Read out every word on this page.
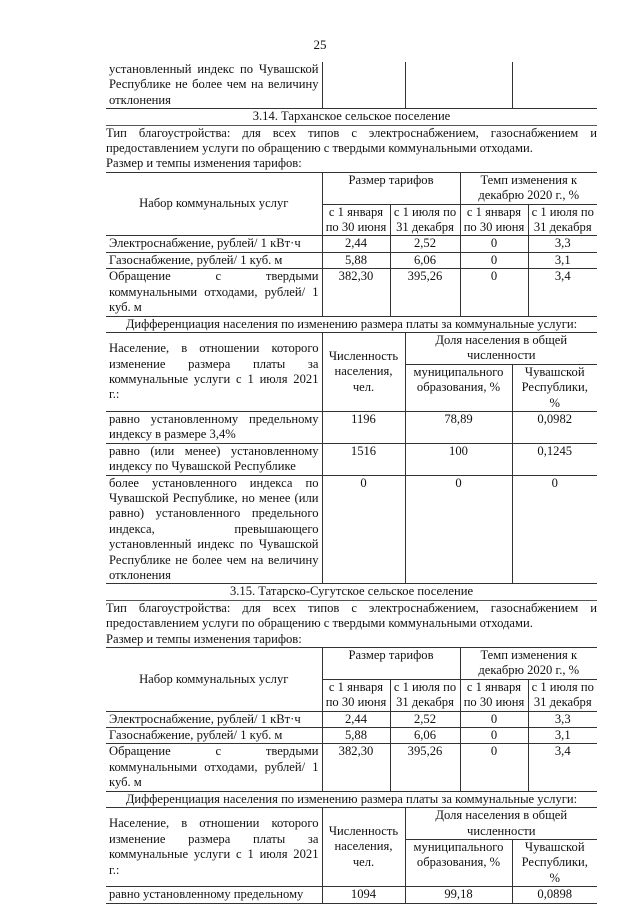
25
установленный индекс по Чувашской Республике не более чем на величину отклонения			
3.14. Тарханское сельское поселение
Тип благоустройства: для всех типов с электроснабжением, газоснабжением и предоставлением услуги по обращению с твердыми коммунальными отходами.
Размер и темпы изменения тарифов:
Набор коммунальных услуг	Размер тарифов		Темп изменения к декабрю 2020 г., %	
	с 1 января по 30 июня	с 1 июля по 31 декабря	с 1 января по 30 июня	с 1 июля по 31 декабря
Электроснабжение, рублей/ 1 кВт·ч	2,44	2,52	0	3,3
Газоснабжение, рублей/ 1 куб. м	5,88	6,06	0	3,1
Обращение с твердыми коммунальными отходами, рублей/ 1 куб. м	382,30	395,26	0	3,4
Дифференциация населения по изменению размера платы за коммунальные услуги:
Население, в отношении которого изменение размера платы за коммунальные услуги с 1 июля 2021 г.:	Численность населения, чел.	Доля населения в общей численности	
		муниципального образования, %	Чувашской Республики, %
равно установленному предельному индексу в размере 3,4%	1196	78,89	0,0982
равно (или менее) установленному индексу по Чувашской Республике	1516	100	0,1245
более установленного индекса по Чувашской Республике, но менее (или равно) установленного предельного индекса, превышающего установленный индекс по Чувашской Республике не более чем на величину отклонения	0	0	0
3.15. Татарско-Сугутское сельское поселение
Тип благоустройства: для всех типов с электроснабжением, газоснабжением и предоставлением услуги по обращению с твердыми коммунальными отходами.
Размер и темпы изменения тарифов:
Набор коммунальных услуг	Размер тарифов		Темп изменения к декабрю 2020 г., %	
	с 1 января по 30 июня	с 1 июля по 31 декабря	с 1 января по 30 июня	с 1 июля по 31 декабря
Электроснабжение, рублей/ 1 кВт·ч	2,44	2,52	0	3,3
Газоснабжение, рублей/ 1 куб. м	5,88	6,06	0	3,1
Обращение с твердыми коммунальными отходами, рублей/ 1 куб. м	382,30	395,26	0	3,4
Дифференциация населения по изменению размера платы за коммунальные услуги:
Население, в отношении которого изменение размера платы за коммунальные услуги с 1 июля 2021 г.:	Численность населения, чел.	Доля населения в общей численности	
		муниципального образования, %	Чувашской Республики, %
равно установленному предельному	1094	99,18	0,0898
